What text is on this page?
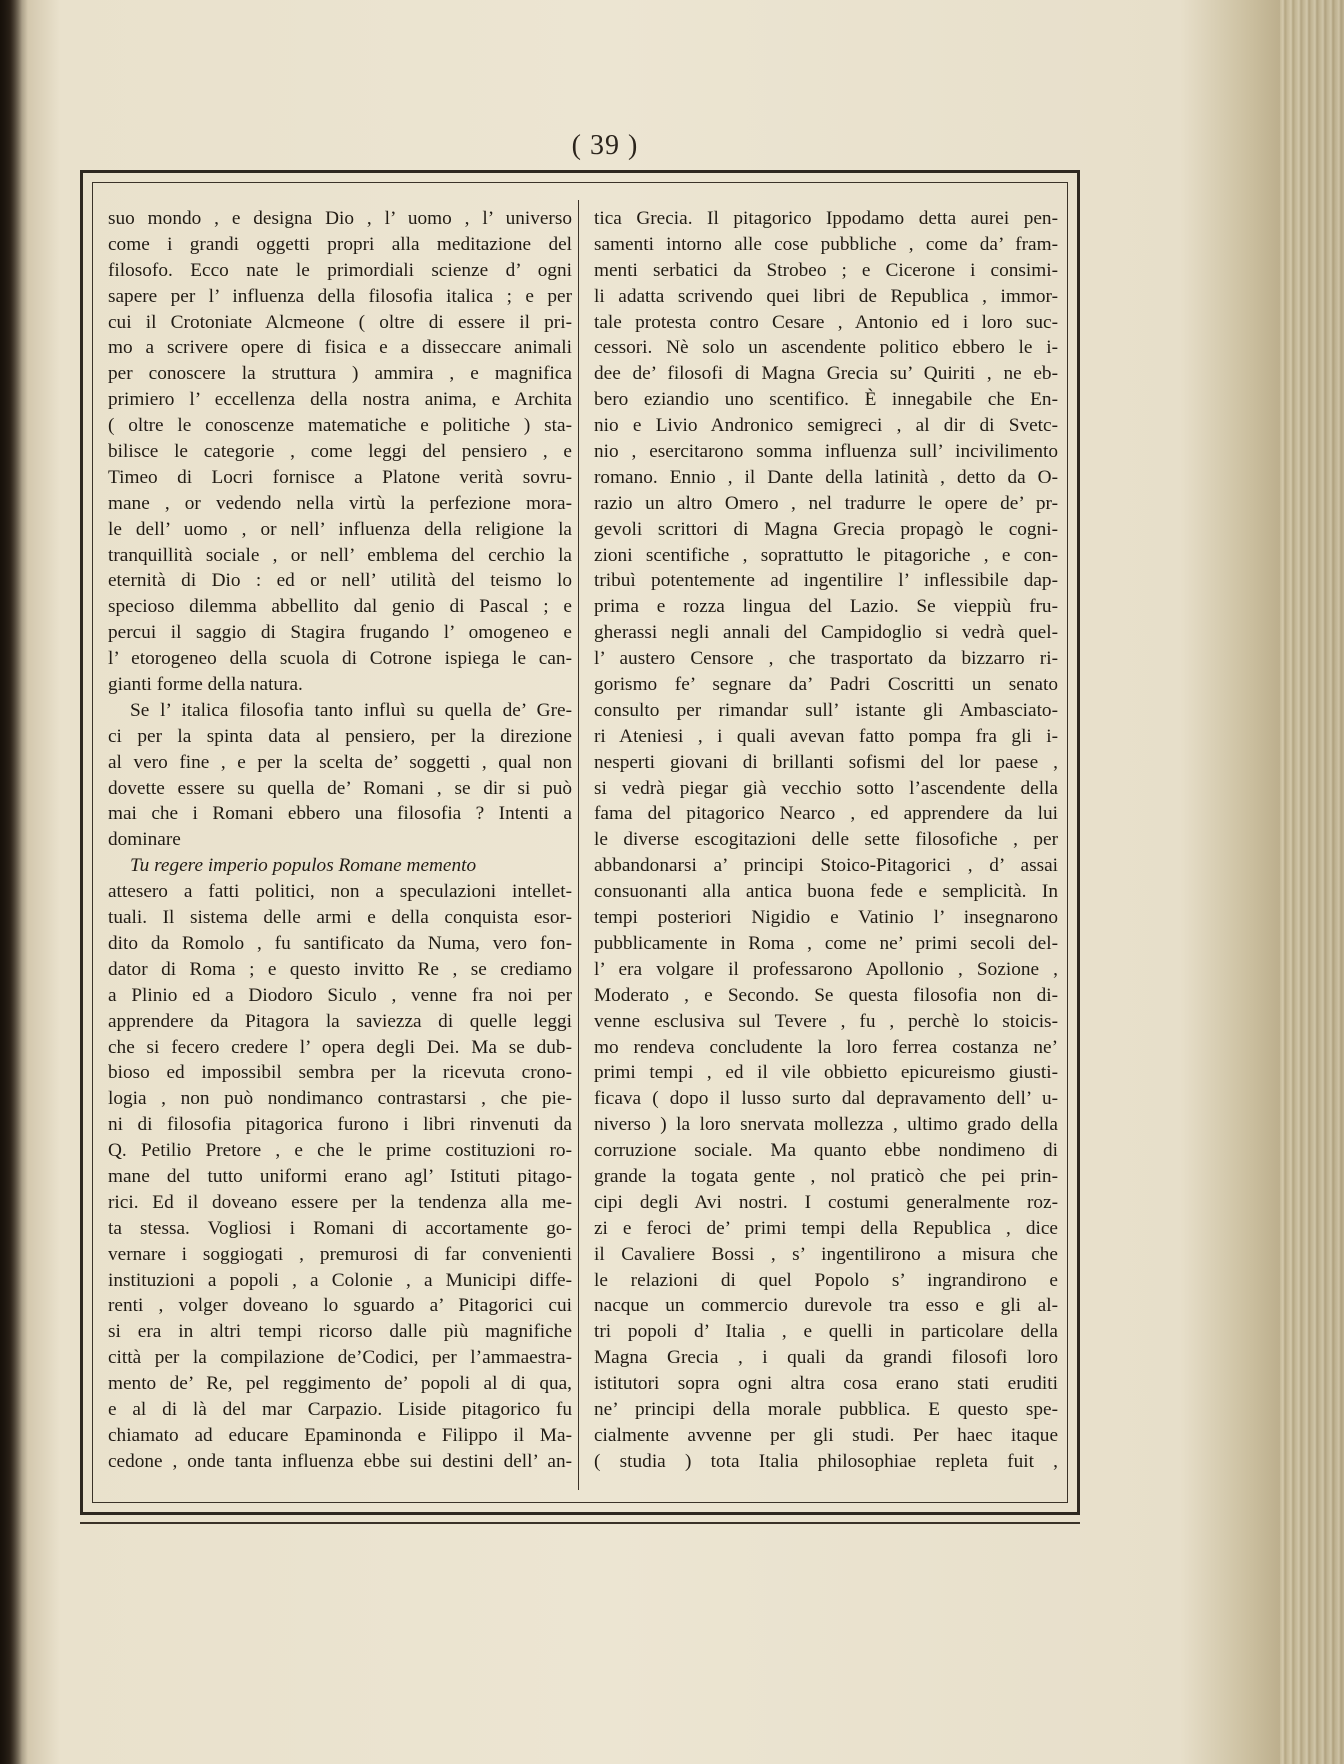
( 39 )
suo mondo , e designa Dio , l’ uomo , l’ universo
come i grandi oggetti propri alla meditazione del
filosofo. Ecco nate le primordiali scienze d’ ogni
sapere per l’ influenza della filosofia italica ; e per
cui il Crotoniate Alcmeone ( oltre di essere il pri-
mo a scrivere opere di fisica e a disseccare animali
per conoscere la struttura ) ammira , e magnifica
primiero l’ eccellenza della nostra anima, e Archita
( oltre le conoscenze matematiche e politiche ) sta-
bilisce le categorie , come leggi del pensiero , e
Timeo di Locri fornisce a Platone verità sovru-
mane , or vedendo nella virtù la perfezione mora-
le dell’ uomo , or nell’ influenza della religione la
tranquillità sociale , or nell’ emblema del cerchio la
eternità di Dio : ed or nell’ utilità del teismo lo
specioso dilemma abbellito dal genio di Pascal ; e
percui il saggio di Stagira frugando l’ omogeneo e
l’ etorogeneo della scuola di Cotrone ispiega le can-
gianti forme della natura.
Se l’ italica filosofia tanto influì su quella de’ Gre-
ci per la spinta data al pensiero, per la direzione
al vero fine , e per la scelta de’ soggetti , qual non
dovette essere su quella de’ Romani , se dir si può
mai che i Romani ebbero una filosofia ? Intenti a
dominare
Tu regere imperio populos Romane memento
attesero a fatti politici, non a speculazioni intellet-
tuali. Il sistema delle armi e della conquista esor-
dito da Romolo , fu santificato da Numa, vero fon-
dator di Roma ; e questo invitto Re , se crediamo
a Plinio ed a Diodoro Siculo , venne fra noi per
apprendere da Pitagora la saviezza di quelle leggi
che si fecero credere l’ opera degli Dei. Ma se dub-
bioso ed impossibil sembra per la ricevuta crono-
logia , non può nondimanco contrastarsi , che pie-
ni di filosofia pitagorica furono i libri rinvenuti da
Q. Petilio Pretore , e che le prime costituzioni ro-
mane del tutto uniformi erano agl’ Istituti pitago-
rici. Ed il doveano essere per la tendenza alla me-
ta stessa. Vogliosi i Romani di accortamente go-
vernare i soggiogati , premurosi di far convenienti
instituzioni a popoli , a Colonie , a Municipi diffe-
renti , volger doveano lo sguardo a’ Pitagorici cui
si era in altri tempi ricorso dalle più magnifiche
città per la compilazione de’Codici, per l’ammaestra-
mento de’ Re, pel reggimento de’ popoli al di qua,
e al di là del mar Carpazio. Liside pitagorico fu
chiamato ad educare Epaminonda e Filippo il Ma-
cedone , onde tanta influenza ebbe sui destini dell’ an-
tica Grecia. Il pitagorico Ippodamo detta aurei pen-
samenti intorno alle cose pubbliche , come da’ fram-
menti serbatici da Strobeo ; e Cicerone i consimi-
li adatta scrivendo quei libri de Republica , immor-
tale protesta contro Cesare , Antonio ed i loro suc-
cessori. Nè solo un ascendente politico ebbero le i-
dee de’ filosofi di Magna Grecia su’ Quiriti , ne eb-
bero eziandio uno scentifico. È innegabile che En-
nio e Livio Andronico semigreci , al dir di Svetc-
nio , esercitarono somma influenza sull’ incivilimento
romano. Ennio , il Dante della latinità , detto da O-
razio un altro Omero , nel tradurre le opere de’ pr-
gevoli scrittori di Magna Grecia propagò le cogni-
zioni scentifiche , soprattutto le pitagoriche , e con-
tribuì potentemente ad ingentilire l’ inflessibile dap-
prima e rozza lingua del Lazio. Se vieppiù fru-
gherassi negli annali del Campidoglio si vedrà quel-
l’ austero Censore , che trasportato da bizzarro ri-
gorismo fe’ segnare da’ Padri Coscritti un senato
consulto per rimandar sull’ istante gli Ambasciato-
ri Ateniesi , i quali avevan fatto pompa fra gli i-
nesperti giovani di brillanti sofismi del lor paese ,
si vedrà piegar già vecchio sotto l’ascendente della
fama del pitagorico Nearco , ed apprendere da lui
le diverse escogitazioni delle sette filosofiche , per
abbandonarsi a’ principi Stoico-Pitagorici , d’ assai
consuonanti alla antica buona fede e semplicità. In
tempi posteriori Nigidio e Vatinio l’ insegnarono
pubblicamente in Roma , come ne’ primi secoli del-
l’ era volgare il professarono Apollonio , Sozione ,
Moderato , e Secondo. Se questa filosofia non di-
venne esclusiva sul Tevere , fu , perchè lo stoicis-
mo rendeva concludente la loro ferrea costanza ne’
primi tempi , ed il vile obbietto epicureismo giusti-
ficava ( dopo il lusso surto dal depravamento dell’ u-
niverso ) la loro snervata mollezza , ultimo grado della
corruzione sociale. Ma quanto ebbe nondimeno di
grande la togata gente , nol praticò che pei prin-
cipi degli Avi nostri. I costumi generalmente roz-
zi e feroci de’ primi tempi della Republica , dice
il Cavaliere Bossi , s’ ingentilirono a misura che
le relazioni di quel Popolo s’ ingrandirono e
nacque un commercio durevole tra esso e gli al-
tri popoli d’ Italia , e quelli in particolare della
Magna Grecia , i quali da grandi filosofi loro
istitutori sopra ogni altra cosa erano stati eruditi
ne’ principi della morale pubblica. E questo spe-
cialmente avvenne per gli studi. Per haec itaque
( studia ) tota Italia philosophiae repleta fuit ,
